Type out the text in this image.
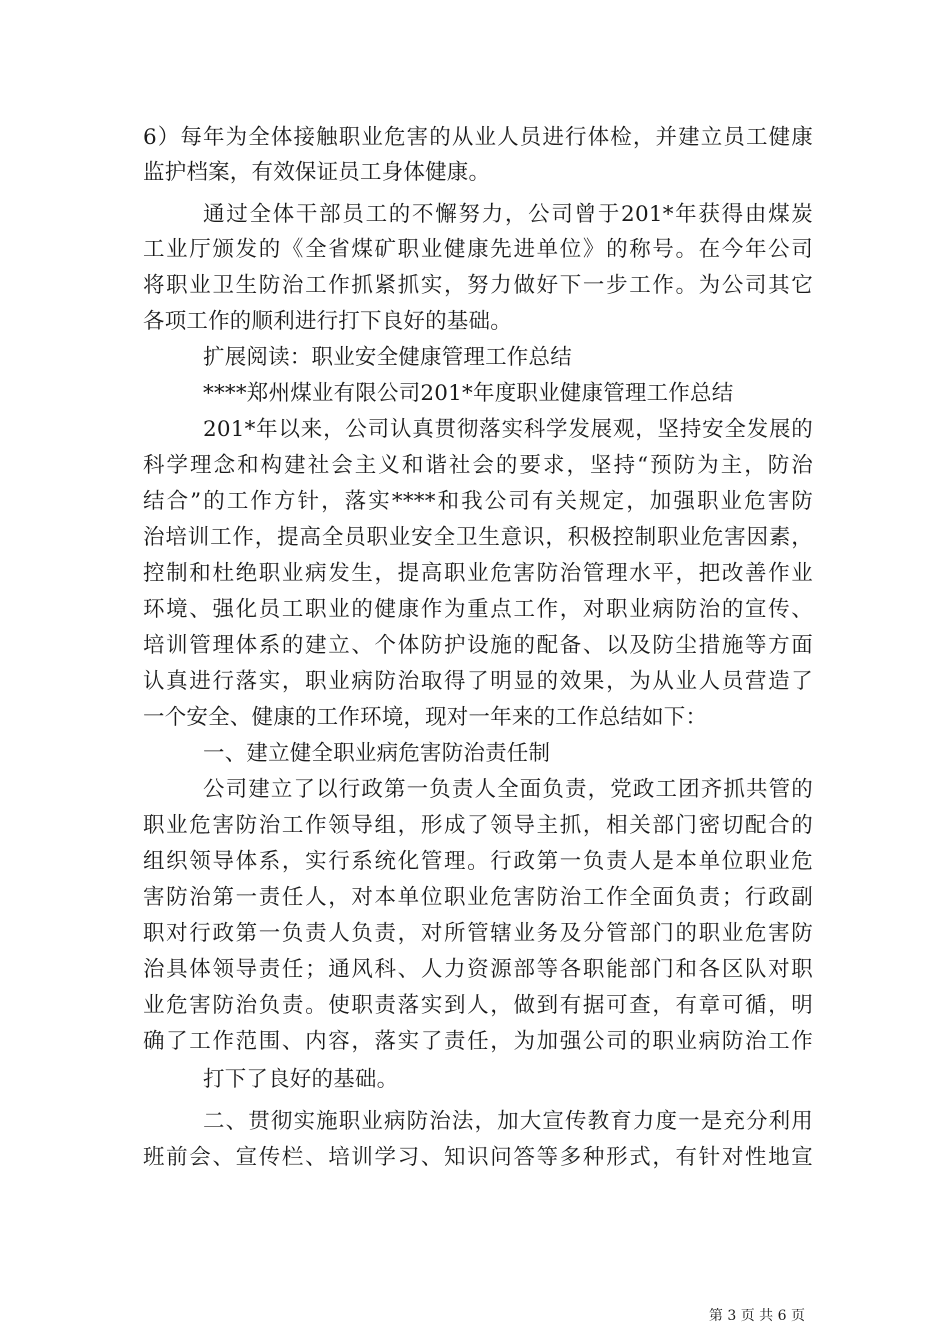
6）每年为全体接触职业危害的从业人员进行体检，并建立员工健康
监护档案，有效保证员工身体健康。
通过全体干部员工的不懈努力，公司曾于201*年获得由煤炭
工业厅颁发的《全省煤矿职业健康先进单位》的称号。在今年公司
将职业卫生防治工作抓紧抓实，努力做好下一步工作。为公司其它
各项工作的顺利进行打下良好的基础。
扩展阅读：职业安全健康管理工作总结
****郑州煤业有限公司201*年度职业健康管理工作总结
201*年以来，公司认真贯彻落实科学发展观，坚持安全发展的
科学理念和构建社会主义和谐社会的要求，坚持“预防为主，防治
结合”的工作方针，落实****和我公司有关规定，加强职业危害防
治培训工作，提高全员职业安全卫生意识，积极控制职业危害因素，
控制和杜绝职业病发生，提高职业危害防治管理水平，把改善作业
环境、强化员工职业的健康作为重点工作，对职业病防治的宣传、
培训管理体系的建立、个体防护设施的配备、以及防尘措施等方面
认真进行落实，职业病防治取得了明显的效果，为从业人员营造了
一个安全、健康的工作环境，现对一年来的工作总结如下：
一、建立健全职业病危害防治责任制
公司建立了以行政第一负责人全面负责，党政工团齐抓共管的
职业危害防治工作领导组，形成了领导主抓，相关部门密切配合的
组织领导体系，实行系统化管理。行政第一负责人是本单位职业危
害防治第一责任人，对本单位职业危害防治工作全面负责；行政副
职对行政第一负责人负责，对所管辖业务及分管部门的职业危害防
治具体领导责任；通风科、人力资源部等各职能部门和各区队对职
业危害防治负责。使职责落实到人，做到有据可查，有章可循，明
确了工作范围、内容，落实了责任，为加强公司的职业病防治工作
打下了良好的基础。
二、贯彻实施职业病防治法，加大宣传教育力度一是充分利用
班前会、宣传栏、培训学习、知识问答等多种形式，有针对性地宣
第 3 页 共 6 页
